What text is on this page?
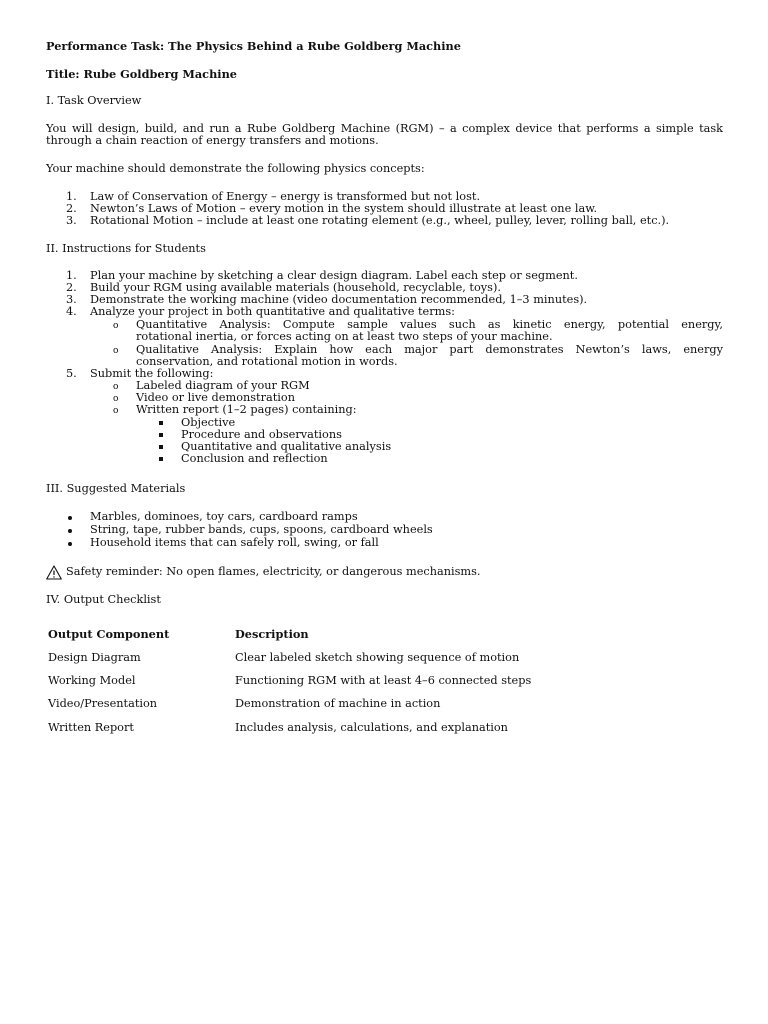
Performance Task: The Physics Behind a Rube Goldberg Machine
Title: Rube Goldberg Machine
I. Task Overview
You will design, build, and run a Rube Goldberg Machine (RGM) – a complex device that performs a simple task
through a chain reaction of energy transfers and motions.
Your machine should demonstrate the following physics concepts:
1. Law of Conservation of Energy – energy is transformed but not lost.
2. Newton’s Laws of Motion – every motion in the system should illustrate at least one law.
3. Rotational Motion – include at least one rotating element (e.g., wheel, pulley, lever, rolling ball, etc.).
II. Instructions for Students
1. Plan your machine by sketching a clear design diagram. Label each step or segment.
2. Build your RGM using available materials (household, recyclable, toys).
3. Demonstrate the working machine (video documentation recommended, 1–3 minutes).
4. Analyze your project in both quantitative and qualitative terms:
o Quantitative Analysis: Compute sample values such as kinetic energy, potential energy,
rotational inertia, or forces acting on at least two steps of your machine.
o Qualitative Analysis: Explain how each major part demonstrates Newton’s laws, energy
conservation, and rotational motion in words.
5. Submit the following:
o Labeled diagram of your RGM
o Video or live demonstration
o Written report (1–2 pages) containing:
Objective
Procedure and observations
Quantitative and qualitative analysis
Conclusion and reflection
III. Suggested Materials
Marbles, dominoes, toy cars, cardboard ramps
String, tape, rubber bands, cups, spoons, cardboard wheels
Household items that can safely roll, swing, or fall
Safety reminder: No open flames, electricity, or dangerous mechanisms.
IV. Output Checklist
Output Component	Description
Design Diagram	Clear labeled sketch showing sequence of motion
Working Model	Functioning RGM with at least 4–6 connected steps
Video/Presentation	Demonstration of machine in action
Written Report	Includes analysis, calculations, and explanation
